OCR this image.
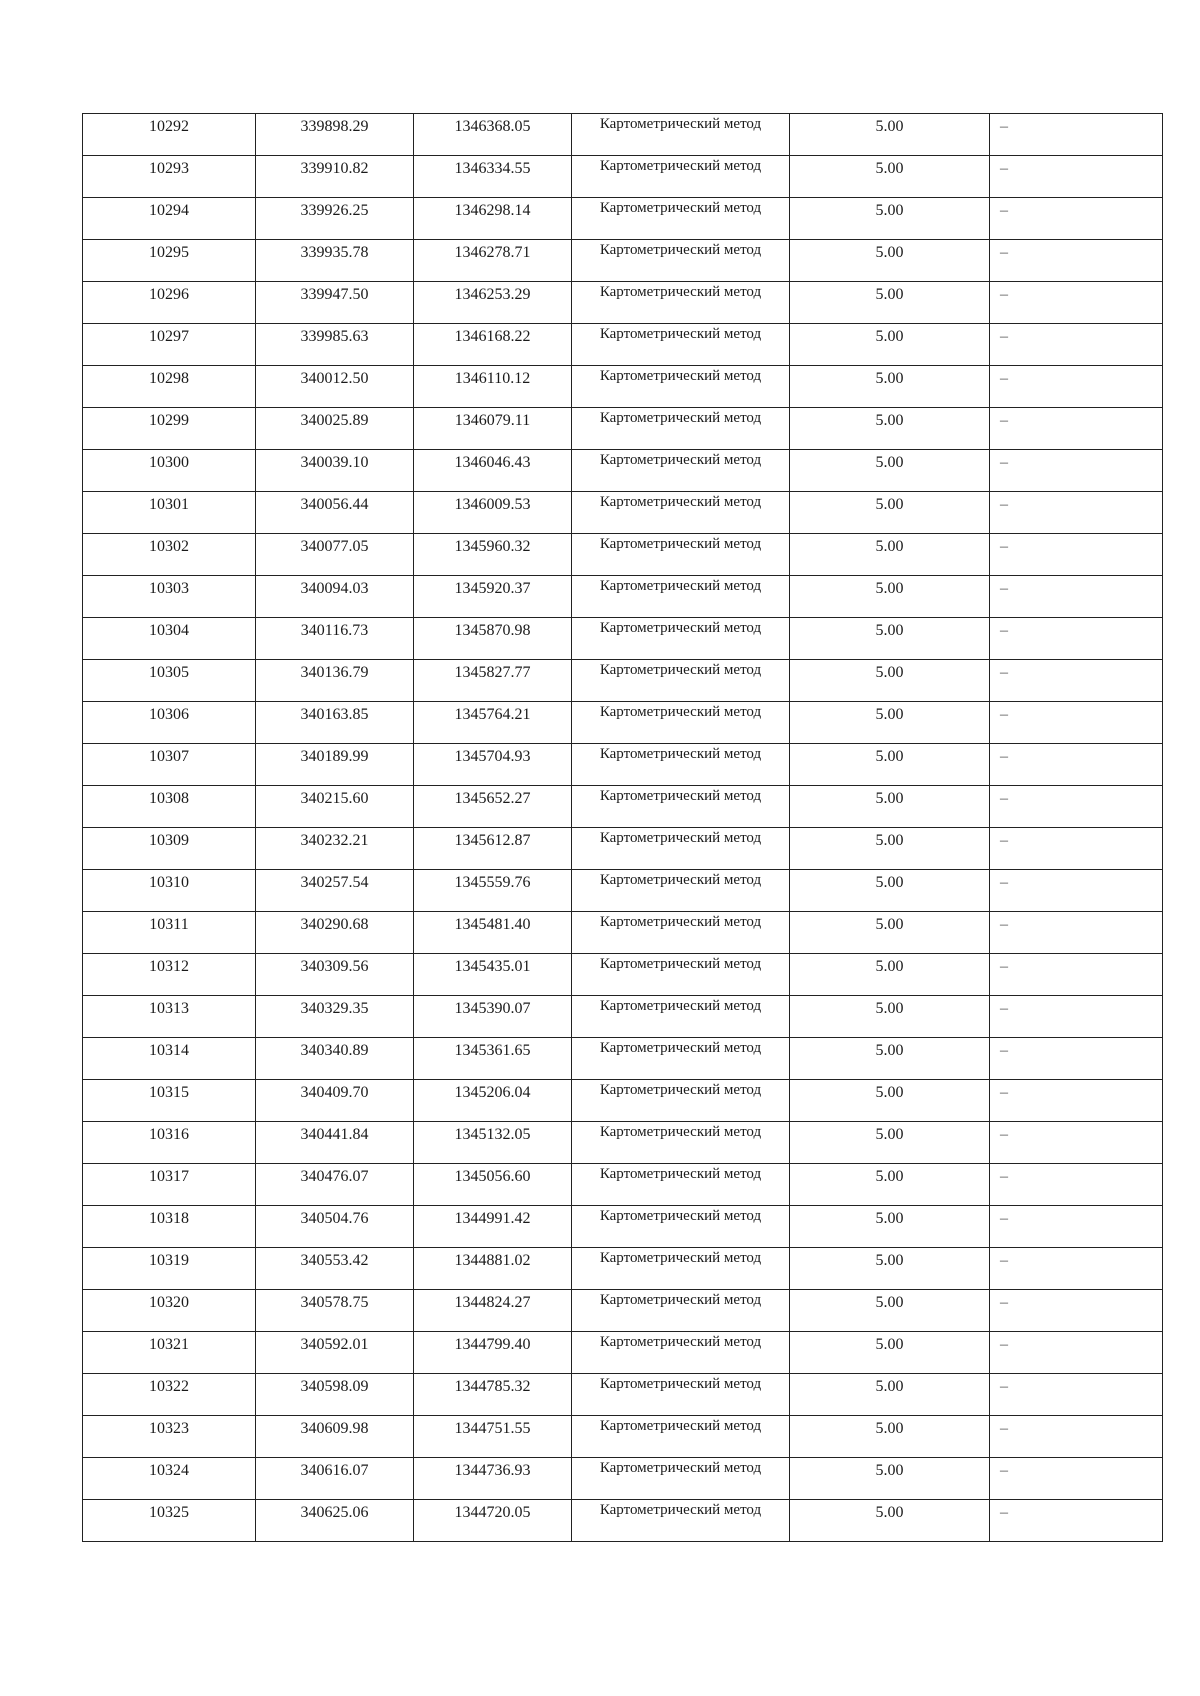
10292	339898.29	1346368.05	Картометрический метод	5.00	–
10293	339910.82	1346334.55	Картометрический метод	5.00	–
10294	339926.25	1346298.14	Картометрический метод	5.00	–
10295	339935.78	1346278.71	Картометрический метод	5.00	–
10296	339947.50	1346253.29	Картометрический метод	5.00	–
10297	339985.63	1346168.22	Картометрический метод	5.00	–
10298	340012.50	1346110.12	Картометрический метод	5.00	–
10299	340025.89	1346079.11	Картометрический метод	5.00	–
10300	340039.10	1346046.43	Картометрический метод	5.00	–
10301	340056.44	1346009.53	Картометрический метод	5.00	–
10302	340077.05	1345960.32	Картометрический метод	5.00	–
10303	340094.03	1345920.37	Картометрический метод	5.00	–
10304	340116.73	1345870.98	Картометрический метод	5.00	–
10305	340136.79	1345827.77	Картометрический метод	5.00	–
10306	340163.85	1345764.21	Картометрический метод	5.00	–
10307	340189.99	1345704.93	Картометрический метод	5.00	–
10308	340215.60	1345652.27	Картометрический метод	5.00	–
10309	340232.21	1345612.87	Картометрический метод	5.00	–
10310	340257.54	1345559.76	Картометрический метод	5.00	–
10311	340290.68	1345481.40	Картометрический метод	5.00	–
10312	340309.56	1345435.01	Картометрический метод	5.00	–
10313	340329.35	1345390.07	Картометрический метод	5.00	–
10314	340340.89	1345361.65	Картометрический метод	5.00	–
10315	340409.70	1345206.04	Картометрический метод	5.00	–
10316	340441.84	1345132.05	Картометрический метод	5.00	–
10317	340476.07	1345056.60	Картометрический метод	5.00	–
10318	340504.76	1344991.42	Картометрический метод	5.00	–
10319	340553.42	1344881.02	Картометрический метод	5.00	–
10320	340578.75	1344824.27	Картометрический метод	5.00	–
10321	340592.01	1344799.40	Картометрический метод	5.00	–
10322	340598.09	1344785.32	Картометрический метод	5.00	–
10323	340609.98	1344751.55	Картометрический метод	5.00	–
10324	340616.07	1344736.93	Картометрический метод	5.00	–
10325	340625.06	1344720.05	Картометрический метод	5.00	–
